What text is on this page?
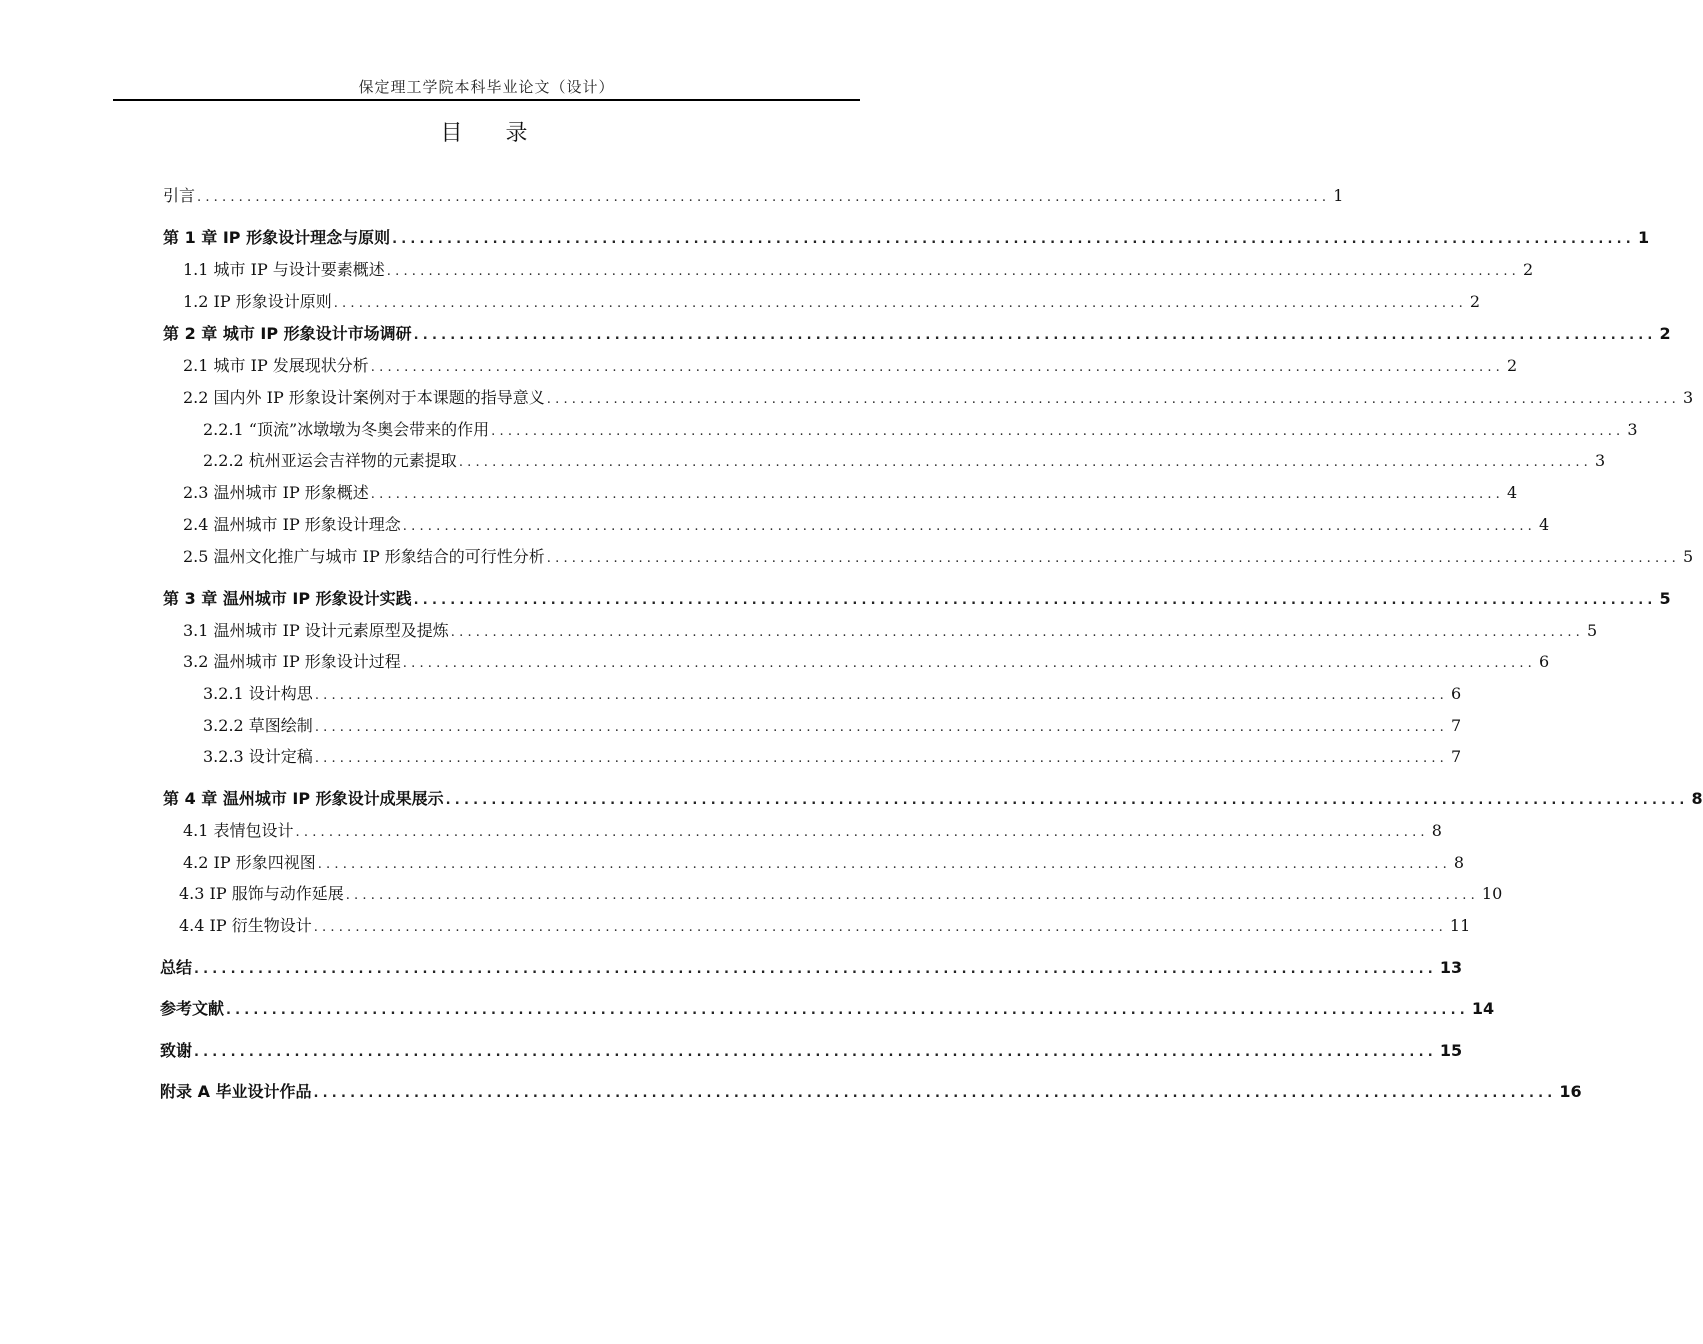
保定理工学院本科毕业论文（设计）
目 录
引言 ........................................................................................................................................ 1
第 1 章 IP 形象设计理念与原则 ........................................................................................................................................ 1
1.1 城市 IP 与设计要素概述 ........................................................................................................................................ 2
1.2 IP 形象设计原则 ........................................................................................................................................ 2
第 2 章 城市 IP 形象设计市场调研 ........................................................................................................................................ 2
2.1 城市 IP 发展现状分析 ........................................................................................................................................ 2
2.2 国内外 IP 形象设计案例对于本课题的指导意义 ........................................................................................................................................ 3
2.2.1 “顶流”冰墩墩为冬奥会带来的作用 ........................................................................................................................................ 3
2.2.2 杭州亚运会吉祥物的元素提取 ........................................................................................................................................ 3
2.3 温州城市 IP 形象概述 ........................................................................................................................................ 4
2.4 温州城市 IP 形象设计理念 ........................................................................................................................................ 4
2.5 温州文化推广与城市 IP 形象结合的可行性分析 ........................................................................................................................................ 5
第 3 章 温州城市 IP 形象设计实践 ........................................................................................................................................ 5
3.1 温州城市 IP 设计元素原型及提炼 ........................................................................................................................................ 5
3.2 温州城市 IP 形象设计过程 ........................................................................................................................................ 6
3.2.1 设计构思 ........................................................................................................................................ 6
3.2.2 草图绘制 ........................................................................................................................................ 7
3.2.3 设计定稿 ........................................................................................................................................ 7
第 4 章 温州城市 IP 形象设计成果展示 ........................................................................................................................................ 8
4.1 表情包设计 ........................................................................................................................................ 8
4.2 IP 形象四视图 ........................................................................................................................................ 8
4.3 IP 服饰与动作延展 ........................................................................................................................................ 10
4.4 IP 衍生物设计 ........................................................................................................................................ 11
总结 ........................................................................................................................................ 13
参考文献 ........................................................................................................................................ 14
致谢 ........................................................................................................................................ 15
附录 A 毕业设计作品 ........................................................................................................................................ 16
